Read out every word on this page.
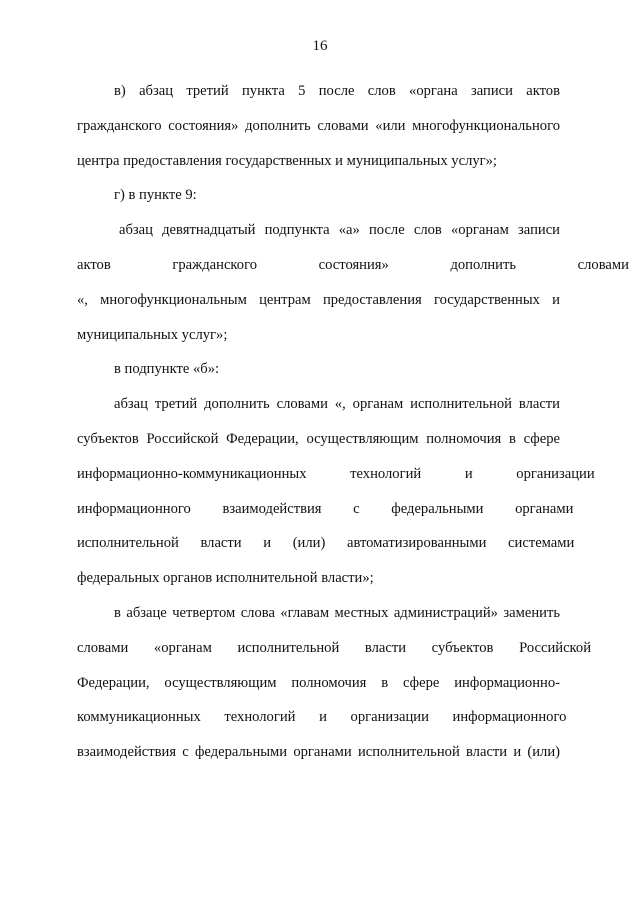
16
в) абзац третий пункта 5 после слов «органа записи актов
гражданского состояния» дополнить словами «или многофункционального
центра предоставления государственных и муниципальных услуг»;
г) в пункте 9:
абзац девятнадцатый подпункта «а» после слов «органам записи
актов гражданского состояния» дополнить словами
«, многофункциональным центрам предоставления государственных и
муниципальных услуг»;
в подпункте «б»:
абзац третий дополнить словами «, органам исполнительной власти
субъектов Российской Федерации, осуществляющим полномочия в сфере
информационно-коммуникационных технологий и организации
информационного взаимодействия с федеральными органами
исполнительной власти и (или) автоматизированными системами
федеральных органов исполнительной власти»;
в абзаце четвертом слова «главам местных администраций» заменить
словами «органам исполнительной власти субъектов Российской
Федерации, осуществляющим полномочия в сфере информационно-
коммуникационных технологий и организации информационного
взаимодействия с федеральными органами исполнительной власти и (или)
